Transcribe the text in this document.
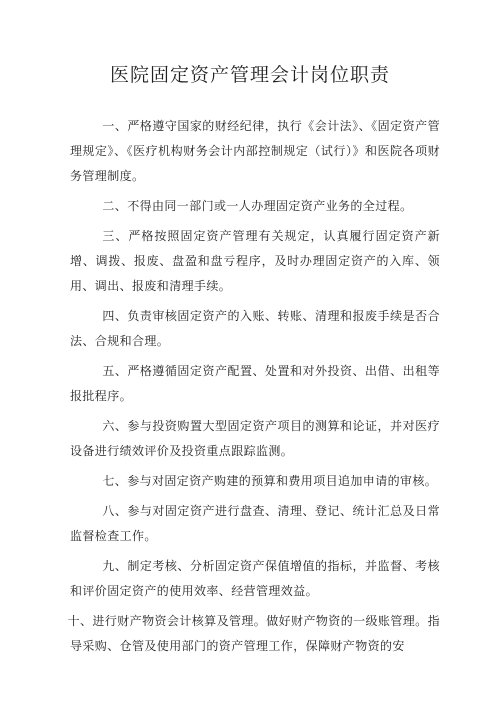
医院固定资产管理会计岗位职责

一、严格遵守国家的财经纪律，执行《会计法》、《固定资产管理规定》、《医疗机构财务会计内部控制规定（试行）》和医院各项财务管理制度。

二、不得由同一部门或一人办理固定资产业务的全过程。

三、严格按照固定资产管理有关规定，认真履行固定资产新增、调拨、报废、盘盈和盘亏程序，及时办理固定资产的入库、领用、调出、报废和清理手续。

四、负责审核固定资产的入账、转账、清理和报废手续是否合法、合规和合理。

五、严格遵循固定资产配置、处置和对外投资、出借、出租等报批程序。

六、参与投资购置大型固定资产项目的测算和论证，并对医疗设备进行绩效评价及投资重点跟踪监测。

七、参与对固定资产购建的预算和费用项目追加申请的审核。

八、参与对固定资产进行盘查、清理、登记、统计汇总及日常监督检查工作。

九、制定考核、分析固定资产保值增值的指标，并监督、考核和评价固定资产的使用效率、经营管理效益。

十、进行财产物资会计核算及管理。做好财产物资的一级账管理。指导采购、仓管及使用部门的资产管理工作，保障财产物资的安
